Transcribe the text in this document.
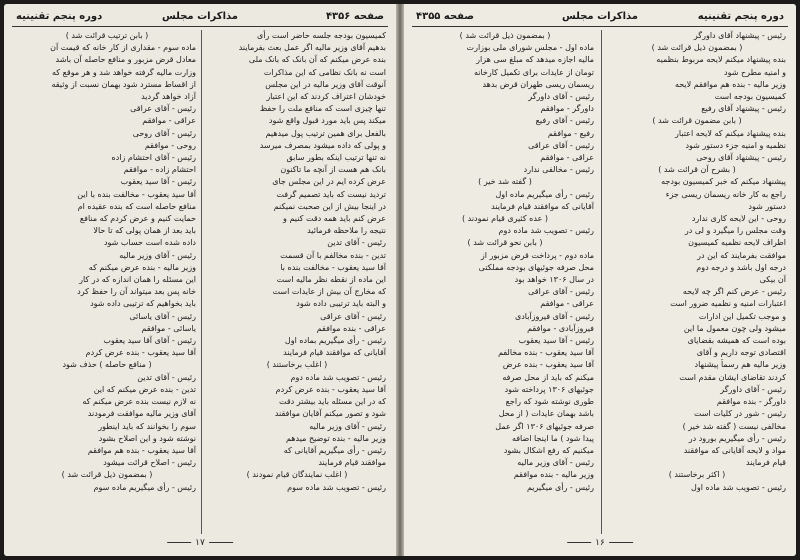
صفحه ۴۳۵۶
مذاکرات مجلس
دوره پنجم تقنینیه

کمیسیون بودجه جلسه حاضر است رأی

بدهیم آقای وزیر مالیه اگر عمل بعث بفرمایند

بنده عرض میکنم که آن بانک که بانک ملی

است نه بانک نظامی که این مذاکرات

آنوقت آقای وزیر مالیه در این مجلس

خودشان اعتراف کردند که این اعتبار

تنها چیزی است که منافع ملت را حفظ

میکند پس باید مورد قبول واقع شود

بالفعل برای همین ترتیب پول میدهیم

و پولی که داده میشود بمصرف میرسد

نه تنها ترتیب اینکه بطور سابق

بانک هم هست از آنچه ما تاکنون

عرض کرده ایم در این مجلس جای

تردید نیست که باید تصمیم گرفت

در اینجا بیش از این صحبت نمیکنم

عرض کنم باید همه دقت کنیم و

نتیجه را ملاحظه فرمائید

رئیس - آقای تدین

تدین - بنده مخالفم با آن قسمت

آقا سید یعقوب - مخالفت بنده با

این ماده از نقطه نظر مالیه است

که مخارج آن بیش از عایدات است

و البته باید ترتیبی داده شود

رئیس - آقای عراقی

عراقی - بنده موافقم

رئیس - رأی میگیریم بماده اول

آقایانی که موافقند قیام فرمایند

( اغلب برخاستند )

رئیس - تصویب شد ماده دوم

آقا سید یعقوب - بنده عرض کردم

که در این مسئله باید بیشتر دقت

شود و تصور میکنم آقایان موافقند

رئیس - آقای وزیر مالیه

وزیر مالیه - بنده توضیح میدهم

رئیس - رأی میگیریم آقایانی که

موافقند قیام فرمایند

( اغلب نمایندگان قیام نمودند )

رئیس - تصویب شد ماده سوم

( بابن ترتیب قرائت شد )

ماده سوم - مقداری از کار خانه که قیمت آن

معادل قرض مزبور و منافع حاصله آن باشد

وزارت مالیه گرفته خواهد شد و هر موقع که

از اقساط مسترد شود بهمان نسبت از وثیقه

آزاد خواهد گردید

رئیس - آقای عراقی

عراقی - موافقم

رئیس - آقای روحی

روحی - موافقم

رئیس - آقای احتشام زاده

احتشام زاده - موافقم

رئیس - آقا سید یعقوب

آقا سید یعقوب - مخالفت بنده با این

منافع حاصله است که بنده عقیده ام

حمایت کنیم و عرض کردم که منافع

باید بعد از همان پولی که تا حالا

داده شده است حساب شود

رئیس - آقای وزیر مالیه

وزیر مالیه - بنده عرض میکنم که

این مسئله را همان اندازه که در کار

خانه پس بعد میتواند آن را حفظ کرد

باید بخواهیم که ترتیبی داده شود

رئیس - آقای یاسائی

یاسائی - موافقم

رئیس - آقای آقا سید یعقوب

آقا سید یعقوب - بنده عرض کردم

( منافع حاصله ) حذف شود

رئیس - آقای تدین

تدین - بنده عرض میکنم که این

نه لازم نیست بنده عرض میکنم که

آقای وزیر مالیه موافقت فرمودند

سوم را بخوانند که باید اینطور

نوشته شود و این اصلاح بشود

آقا سید یعقوب - بنده هم موافقم

رئیس - اصلاح قرائت میشود

( بمضمون ذیل قرائت شد )

رئیس - رأی میگیریم ماده سوم

۱۷
دوره پنجم تقنینیه
مذاکرات مجلس
صفحه ۴۳۵۵

رئیس - پیشنهاد آقای داورگر

( بمضمون ذیل قرائت شد )

بنده پیشنهاد میکنم لایحه مربوط بنظمیه

و امنیه مطرح شود

وزیر مالیه - بنده هم موافقم لایحه

کمیسیون بودجه است

رئیس - پیشنهاد آقای رفیع

( بابن مضمون قرائت شد )

بنده پیشنهاد میکنم که لایحه اعتبار

نظمیه و امنیه جزء دستور شود

رئیس - پیشنهاد آقای روحی

( بشرح آن قرائت شد )

پیشنهاد میکنم که خبر کمیسیون بودجه

راجع به کار خانه ریسمان ریسی جزء

دستور شود

روحی - این لایحه کاری ندارد

وقت مجلس را میگیرد و لی در

اطراف لایحه نظمیه کمیسیون

موافقت بفرمایند که این در

درجه اول باشد و درجه دوم

آن بیکی

رئیس - عرض کنم اگر چه لایحه

اعتبارات امنیه و نظمیه ضرور است

و موجب تکمیل این ادارات

میشود ولی چون معمول ما این

بوده است که همیشه بقضایای

اقتصادی توجه داریم و آقای

وزیر مالیه هم رسماً پیشنهاد

کردند تقاضای ایشان مقدم است

رئیس - آقای داورگر

داورگر - بنده موافقم

رئیس - شور در کلیات است

مخالفی نیست ( گفته شد خیر )

رئیس - رأی میگیریم بورود در

مواد و لایحه آقایانی که موافقند

قیام فرمایند

( اکثر برخاستند )

رئیس - تصویب شد ماده اول

( بمضمون ذیل قرائت شد )

ماده اول - مجلس شورای ملی بوزارت

مالیه اجازه میدهد که مبلغ سی هزار

تومان از عایدات برای تکمیل کارخانه

ریسمان ریسی طهران قرض بدهد

رئیس - آقای داورگر

داورگر - موافقم

رئیس - آقای رفیع

رفیع - موافقم

رئیس - آقای عراقی

عراقی - موافقم

رئیس - مخالفی ندارد

( گفته شد خیر )

رئیس - رأی میگیریم ماده اول

آقایانی که موافقند قیام فرمایند

( عده کثیری قیام نمودند )

رئیس - تصویب شد ماده دوم

( بابن نحو قرائت شد )

ماده دوم - پرداخت قرض مزبور از

محل صرفه جوئیهای بودجه مملکتی

در سال ۱۳۰۶ خواهد بود

رئیس - آقای عراقی

عراقی - موافقم

رئیس - آقای فیروزآبادی

فیروزآبادی - موافقم

رئیس - آقا سید یعقوب

آقا سید یعقوب - بنده مخالفم

آقا سید یعقوب - بنده عرض

میکنم که باید از محل صرفه

جوئیهای ۱۳۰۶ پرداخته شود

طوری نوشته شود که راجع

باشد بهمان عایدات ( از محل

صرفه جوئیهای ۱۳۰۶ اگر عمل

پیدا شود ) ما اینجا اضافه

میکنیم که رفع اشکال بشود

رئیس - آقای وزیر مالیه

وزیر مالیه - بنده موافقم

رئیس - رأی میگیریم

۱۶
